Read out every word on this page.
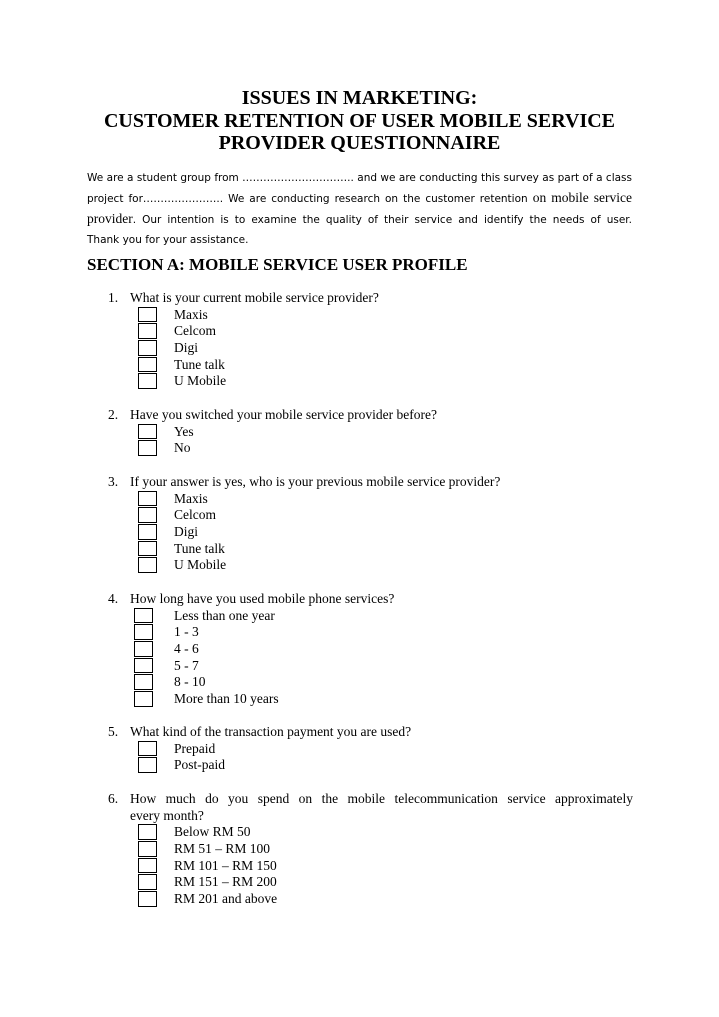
ISSUES IN MARKETING:
CUSTOMER RETENTION OF USER MOBILE SERVICE
PROVIDER QUESTIONNAIRE
We are a student group from ………………………….. and we are conducting this survey as part of a class
project for………………….. We are conducting research on the customer retention on mobile service
provider. Our intention is to examine the quality of their service and identify the needs of user.
Thank you for your assistance.
SECTION A: MOBILE SERVICE USER PROFILE
1. What is your current mobile service provider?
Maxis
Celcom
Digi
Tune talk
U Mobile
2. Have you switched your mobile service provider before?
Yes
No
3. If your answer is yes, who is your previous mobile service provider?
Maxis
Celcom
Digi
Tune talk
U Mobile
4. How long have you used mobile phone services?
Less than one year
1 - 3
4 - 6
5 - 7
8 - 10
More than 10 years
5. What kind of the transaction payment you are used?
Prepaid
Post-paid
6. How much do you spend on the mobile telecommunication service approximately
every month?
Below RM 50
RM 51 – RM 100
RM 101 – RM 150
RM 151 – RM 200
RM 201 and above
